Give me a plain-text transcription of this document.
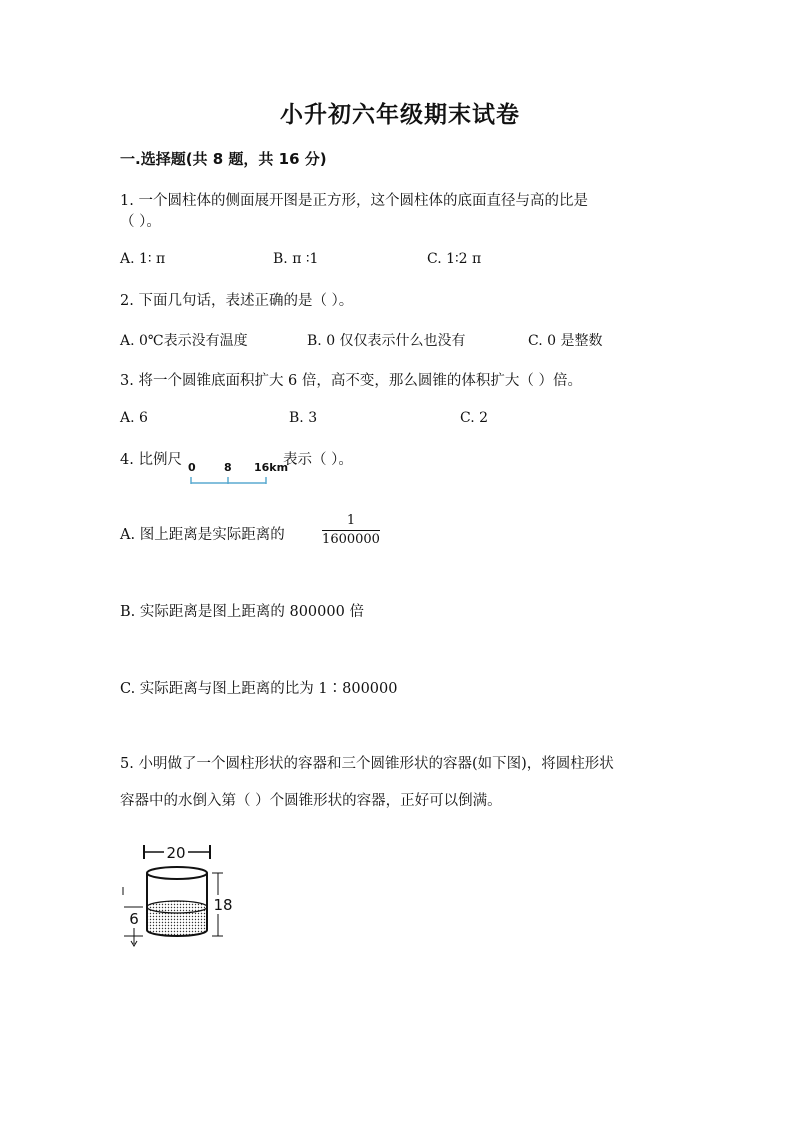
小升初六年级期末试卷
一.选择题(共 8 题，共 16 分)
1. 一个圆柱体的侧面展开图是正方形，这个圆柱体的底面直径与高的比是
（ ）。
A. 1∶ π	B. π ∶1	C. 1∶2 π
2. 下面几句话，表述正确的是（ ）。
A. 0℃表示没有温度	B. 0 仅仅表示什么也没有	C. 0 是整数
3. 将一个圆锥底面积扩大 6 倍，高不变，那么圆锥的体积扩大（ ）倍。
A. 6	B. 3	C. 2
4. 比例尺 0	8 16km
表示（ ）。
A. 图上距离是实际距离的
1
1600000
B. 实际距离是图上距离的 800000 倍
C. 实际距离与图上距离的比为 1∶800000
5. 小明做了一个圆柱形状的容器和三个圆锥形状的容器(如下图)，将圆柱形状
容器中的水倒入第（ ）个圆锥形状的容器，正好可以倒满。
20
18
6
